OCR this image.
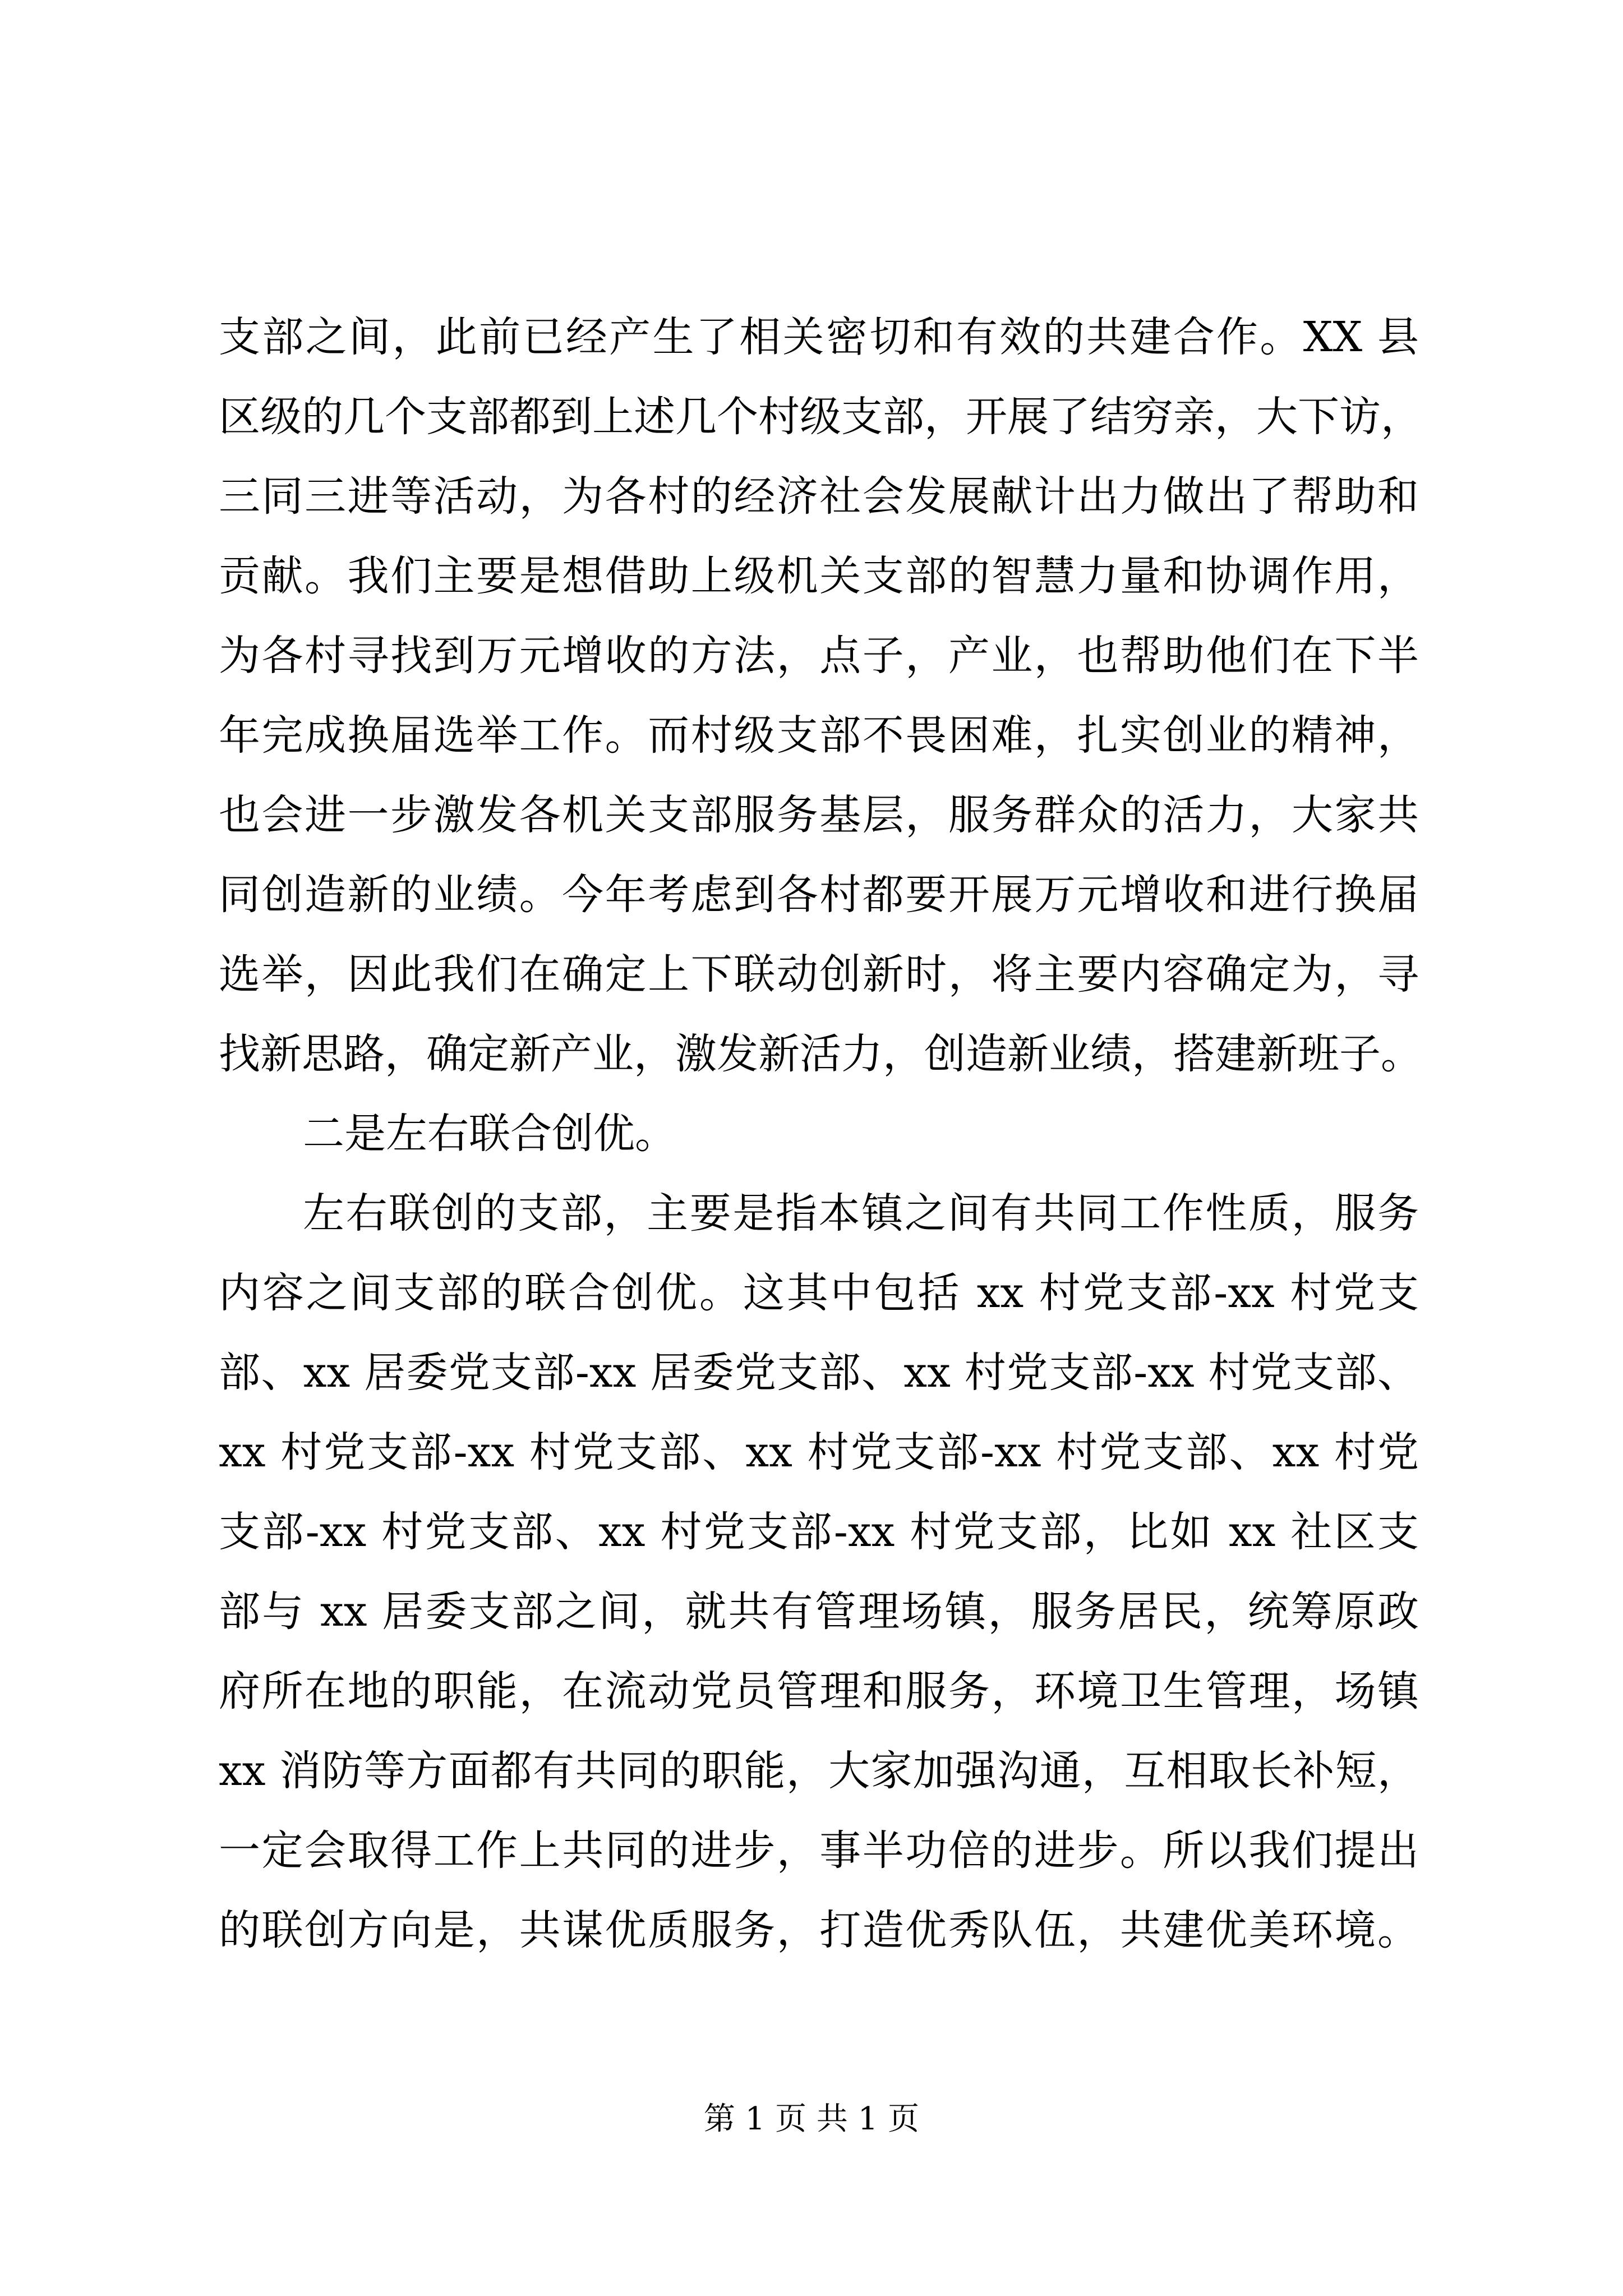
支部之间，此前已经产生了相关密切和有效的共建合作。XX 县
区级的几个支部都到上述几个村级支部，开展了结穷亲，大下访，
三同三进等活动，为各村的经济社会发展献计出力做出了帮助和
贡献。我们主要是想借助上级机关支部的智慧力量和协调作用，
为各村寻找到万元增收的方法，点子，产业，也帮助他们在下半
年完成换届选举工作。而村级支部不畏困难，扎实创业的精神，
也会进一步激发各机关支部服务基层，服务群众的活力，大家共
同创造新的业绩。今年考虑到各村都要开展万元增收和进行换届
选举，因此我们在确定上下联动创新时，将主要内容确定为，寻
找新思路，确定新产业，激发新活力，创造新业绩，搭建新班子。
二是左右联合创优。
左右联创的支部，主要是指本镇之间有共同工作性质，服务
内容之间支部的联合创优。这其中包括 xx 村党支部-xx 村党支
部、xx 居委党支部-xx 居委党支部、xx 村党支部-xx 村党支部、
xx 村党支部-xx 村党支部、xx 村党支部-xx 村党支部、xx 村党
支部-xx 村党支部、xx 村党支部-xx 村党支部，比如 xx 社区支
部与 xx 居委支部之间，就共有管理场镇，服务居民，统筹原政
府所在地的职能，在流动党员管理和服务，环境卫生管理，场镇
xx 消防等方面都有共同的职能，大家加强沟通，互相取长补短，
一定会取得工作上共同的进步，事半功倍的进步。所以我们提出
的联创方向是，共谋优质服务，打造优秀队伍，共建优美环境。
第 1 页 共 1 页
